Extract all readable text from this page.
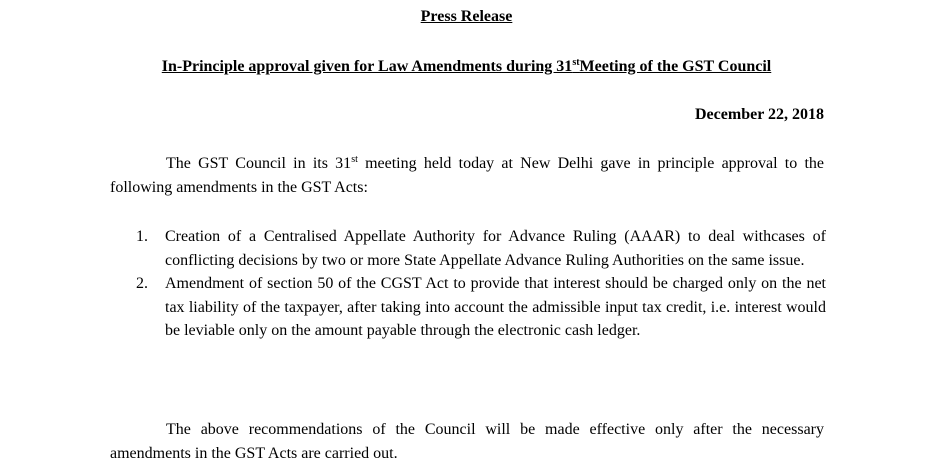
Press Release
In-Principle approval given for Law Amendments during 31stMeeting of the GST Council
December 22, 2018
The GST Council in its 31st meeting held today at New Delhi gave in principle approval to the following amendments in the GST Acts:
1. Creation of a Centralised Appellate Authority for Advance Ruling (AAAR) to deal withcases of conflicting decisions by two or more State Appellate Advance Ruling Authorities on the same issue.
2. Amendment of section 50 of the CGST Act to provide that interest should be charged only on the net tax liability of the taxpayer, after taking into account the admissible input tax credit, i.e. interest would be leviable only on the amount payable through the electronic cash ledger.
The above recommendations of the Council will be made effective only after the necessary amendments in the GST Acts are carried out.
